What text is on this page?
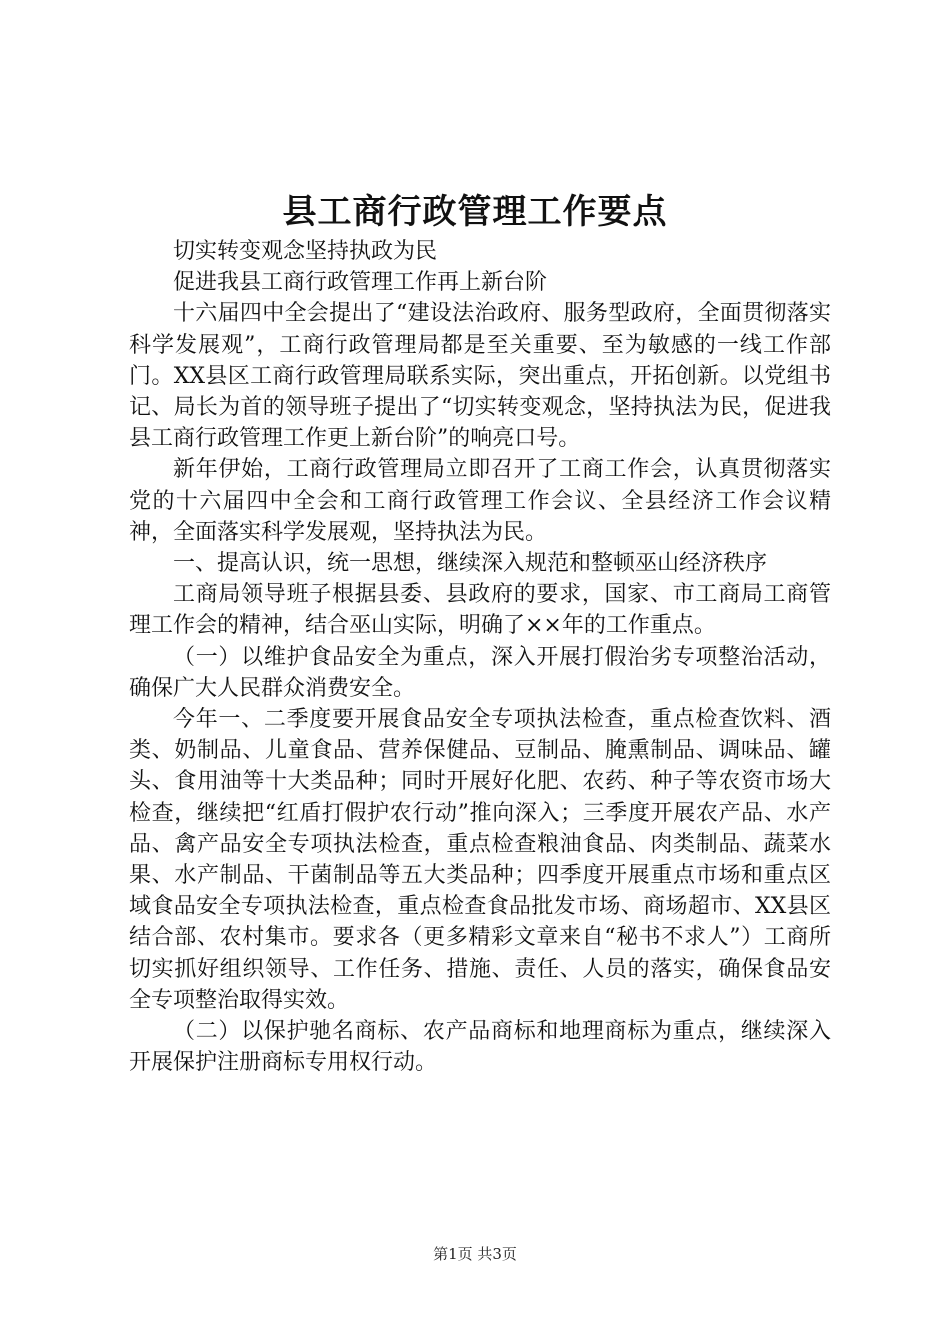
县工商行政管理工作要点

切实转变观念坚持执政为民

促进我县工商行政管理工作再上新台阶

十六届四中全会提出了“建设法治政府、服务型政府，全面贯彻落实科学发展观”，工商行政管理局都是至关重要、至为敏感的一线工作部门。XX县区工商行政管理局联系实际，突出重点，开拓创新。以党组书记、局长为首的领导班子提出了“切实转变观念，坚持执法为民，促进我县工商行政管理工作更上新台阶”的响亮口号。

新年伊始，工商行政管理局立即召开了工商工作会，认真贯彻落实党的十六届四中全会和工商行政管理工作会议、全县经济工作会议精神，全面落实科学发展观，坚持执法为民。

一、提高认识，统一思想，继续深入规范和整顿巫山经济秩序

工商局领导班子根据县委、县政府的要求，国家、市工商局工商管理工作会的精神，结合巫山实际，明确了××年的工作重点。

（一）以维护食品安全为重点，深入开展打假治劣专项整治活动，确保广大人民群众消费安全。

今年一、二季度要开展食品安全专项执法检查，重点检查饮料、酒类、奶制品、儿童食品、营养保健品、豆制品、腌熏制品、调味品、罐头、食用油等十大类品种；同时开展好化肥、农药、种子等农资市场大检查，继续把“红盾打假护农行动”推向深入；三季度开展农产品、水产品、禽产品安全专项执法检查，重点检查粮油食品、肉类制品、蔬菜水果、水产制品、干菌制品等五大类品种；四季度开展重点市场和重点区域食品安全专项执法检查，重点检查食品批发市场、商场超市、XX县区结合部、农村集市。要求各（更多精彩文章来自“秘书不求人”）工商所切实抓好组织领导、工作任务、措施、责任、人员的落实，确保食品安全专项整治取得实效。

（二）以保护驰名商标、农产品商标和地理商标为重点，继续深入开展保护注册商标专用权行动。

第1页 共3页
